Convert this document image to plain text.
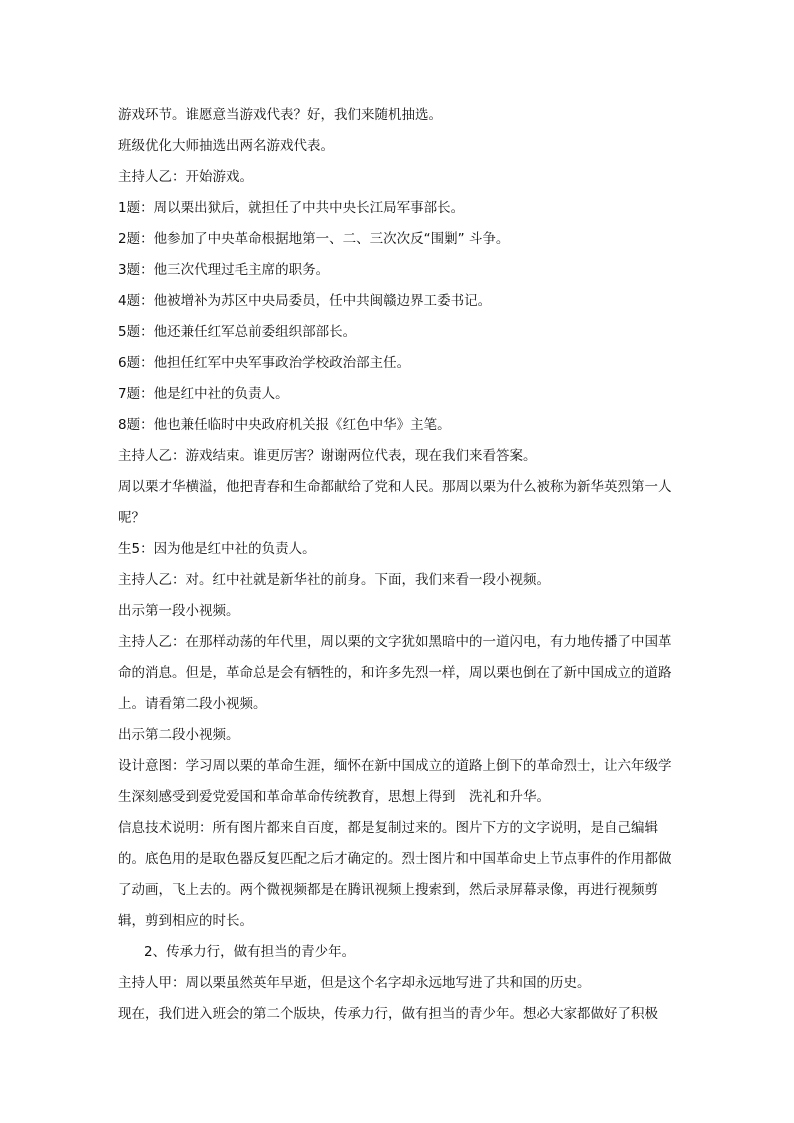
游戏环节。谁愿意当游戏代表？好，我们来随机抽选。

班级优化大师抽选出两名游戏代表。

主持人乙：开始游戏。

1题：周以栗出狱后，就担任了中共中央长江局军事部长。

2题：他参加了中央革命根据地第一、二、三次次反“围剿” 斗争。

3题：他三次代理过毛主席的职务。

4题：他被增补为苏区中央局委员，任中共闽赣边界工委书记。

5题：他还兼任红军总前委组织部部长。

6题：他担任红军中央军事政治学校政治部主任。

7题：他是红中社的负责人。

8题：他也兼任临时中央政府机关报《红色中华》主笔。

主持人乙：游戏结束。谁更厉害？谢谢两位代表，现在我们来看答案。

周以栗才华横溢，他把青春和生命都献给了党和人民。那周以栗为什么被称为新华英烈第一人呢？

生5：因为他是红中社的负责人。

主持人乙：对。红中社就是新华社的前身。下面，我们来看一段小视频。

出示第一段小视频。

主持人乙：在那样动荡的年代里，周以栗的文字犹如黑暗中的一道闪电，有力地传播了中国革命的消息。但是，革命总是会有牺牲的，和许多先烈一样，周以栗也倒在了新中国成立的道路上。请看第二段小视频。

出示第二段小视频。

设计意图：学习周以栗的革命生涯，缅怀在新中国成立的道路上倒下的革命烈士，让六年级学生深刻感受到爱党爱国和革命革命传统教育，思想上得到　洗礼和升华。

信息技术说明：所有图片都来自百度，都是复制过来的。图片下方的文字说明，是自己编辑的。底色用的是取色器反复匹配之后才确定的。烈士图片和中国革命史上节点事件的作用都做了动画，飞上去的。两个微视频都是在腾讯视频上搜索到，然后录屏幕录像，再进行视频剪辑，剪到相应的时长。

2、传承力行，做有担当的青少年。

主持人甲：周以栗虽然英年早逝，但是这个名字却永远地写进了共和国的历史。

现在，我们进入班会的第二个版块，传承力行，做有担当的青少年。想必大家都做好了积极
